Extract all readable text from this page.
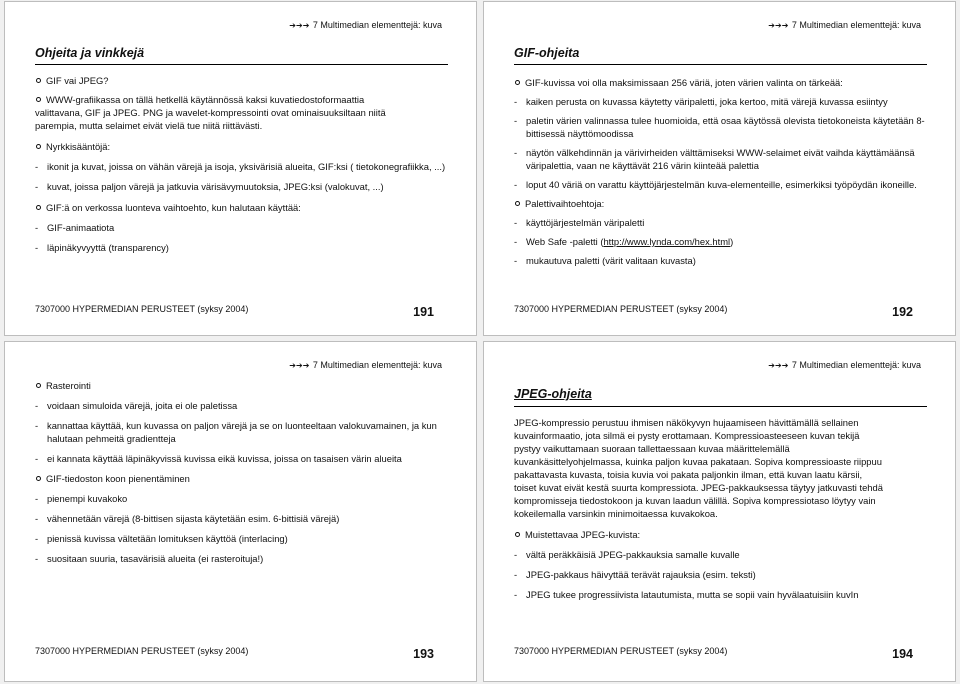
➔➔➔ 7 Multimedian elementtejä: kuva
Ohjeita ja vinkkejä

GIF vai JPEG?

WWW-grafiikassa on tällä hetkellä käytännössä kaksi kuvatiedostoformaattia

valittavana, GIF ja JPEG. PNG ja wavelet-kompressointi ovat ominaisuuksiltaan niitä

parempia, mutta selaimet eivät vielä tue niitä riittävästi.

Nyrkkisääntöjä:

- ikonit ja kuvat, joissa on vähän värejä ja isoja, yksivärisiä alueita, GIF:ksi ( tietokonegrafiikka, ...)

- kuvat, joissa paljon värejä ja jatkuvia värisävymuutoksia, JPEG:ksi (valokuvat, ...)

GIF:ä on verkossa luonteva vaihtoehto, kun halutaan käyttää:

- GIF-animaatiota

- läpinäkyvyyttä (transparency)

7307000 HYPERMEDIAN PERUSTEET (syksy 2004)	191
➔➔➔ 7 Multimedian elementtejä: kuva
GIF-ohjeita

GIF-kuvissa voi olla maksimissaan 256 väriä, joten värien valinta on tärkeää:

- kaiken perusta on kuvassa käytetty väripaletti, joka kertoo, mitä värejä kuvassa esiintyy

- paletin värien valinnassa tulee huomioida, että osaa käytössä olevista tietokoneista käytetään 8-bittisessä näyttömoodissa

- näytön välkehdinnän ja värivirheiden välttämiseksi WWW-selaimet eivät vaihda käyttämäänsä väripalettia, vaan ne käyttävät 216 värin kiinteää palettia

- loput 40 väriä on varattu käyttöjärjestelmän kuva-elementeille, esimerkiksi työpöydän ikoneille.

Palettivaihtoehtoja:

- käyttöjärjestelmän väripaletti

- Web Safe -paletti (http://www.lynda.com/hex.html)

- mukautuva paletti (värit valitaan kuvasta)

7307000 HYPERMEDIAN PERUSTEET (syksy 2004)	192
➔➔➔ 7 Multimedian elementtejä: kuva

Rasterointi

- voidaan simuloida värejä, joita ei ole paletissa

- kannattaa käyttää, kun kuvassa on paljon värejä ja se on luonteeltaan valokuvamainen, ja kun halutaan pehmeitä gradientteja

- ei kannata käyttää läpinäkyvissä kuvissa eikä kuvissa, joissa on tasaisen värin alueita

GIF-tiedoston koon pienentäminen

- pienempi kuvakoko

- vähennetään värejä (8-bittisen sijasta käytetään esim. 6-bittisiä värejä)

- pienissä kuvissa vältetään lomituksen käyttöä (interlacing)

- suositaan suuria, tasavärisiä alueita (ei rasteroituja!)

7307000 HYPERMEDIAN PERUSTEET (syksy 2004)	193
➔➔➔ 7 Multimedian elementtejä: kuva
JPEG-ohjeita

JPEG-kompressio perustuu ihmisen näkökyvyn hujaamiseen hävittämällä sellainen

kuvainformaatio, jota silmä ei pysty erottamaan. Kompressioasteeseen kuvan tekijä

pystyy vaikuttamaan suoraan tallettaessaan kuvaa määrittelemällä

kuvankäsittelyohjelmassa, kuinka paljon kuvaa pakataan. Sopiva kompressioaste riippuu

pakattavasta kuvasta, toisia kuvia voi pakata paljonkin ilman, että kuvan laatu kärsii,

toiset kuvat eivät kestä suurta kompressiota. JPEG-pakkauksessa täytyy jatkuvasti tehdä

kompromisseja tiedostokoon ja kuvan laadun välillä. Sopiva kompressiotaso löytyy vain

kokeilemalla varsinkin minimoitaessa kuvakokoa.

Muistettavaa JPEG-kuvista:

- vältä peräkkäisiä JPEG-pakkauksia samalle kuvalle

- JPEG-pakkaus häivyttää terävät rajauksia (esim. teksti)

- JPEG tukee progressiivista latautumista, mutta se sopii vain hyvälaatuisiin kuvIn

7307000 HYPERMEDIAN PERUSTEET (syksy 2004)	194
